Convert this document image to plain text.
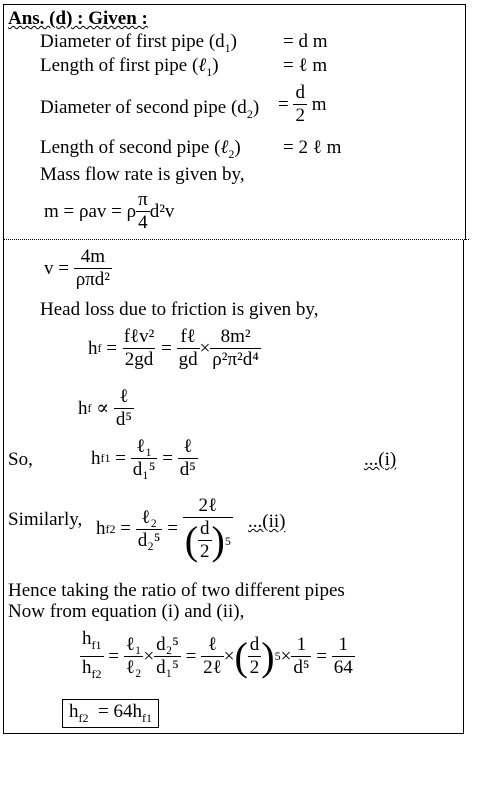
Ans. (d) : Given :
Diameter of first pipe $(d_1) = d$ m
Length of first pipe (ℓ$_1$)	= ℓ m
Diameter of second pipe $(d_2) = \frac{d}{2}$
m
Length of second pipe (ℓ$_2$) = 2 ℓ m
Mass flow rate is given by,
m = ρav = ρ $\frac{\pi}{4} d^2v$
v =
$\frac{4m}{\text{ρπd²}}$
Head loss due to friction is given by,
h f
=
$\frac{\text{fℓv²}}{2gd} = \frac{\text{fℓ}}{gd} \times \frac{\text{8m²}}{\text{ρ²π²d⁴}}$
h f
∝
$\frac{\text{ℓ}}{\text{d⁵}}$
So,	h $f1 = \frac{\text{ℓ₁}}{\text{d₁⁵}} = \frac{\text{ℓ}}{\text{d⁵}}$	...(i)
Similarly, h $f2 = \frac{\text{ℓ₂}}{\text{d₂⁵}} = \frac{\text{2ℓ}}{( \frac{d}{2} ) 5} ...(ii)$
Hence taking the ratio of two different pipes
Now from equation (i) and (ii),
$\frac{h_{f1}}{h_{f2}} = \frac{\text{ℓ₁}}{\text{ℓ₂}} \times \frac{\text{d₂⁵}}{\text{d₁⁵}} = \frac{\text{ℓ}}{\text{2ℓ}}$ × ( $\frac{d}{2}$ ) $5 \times \frac{1}{\text{d⁵}} = \frac{1}{64}$
$h_{f2} = 64h_{f1}$
